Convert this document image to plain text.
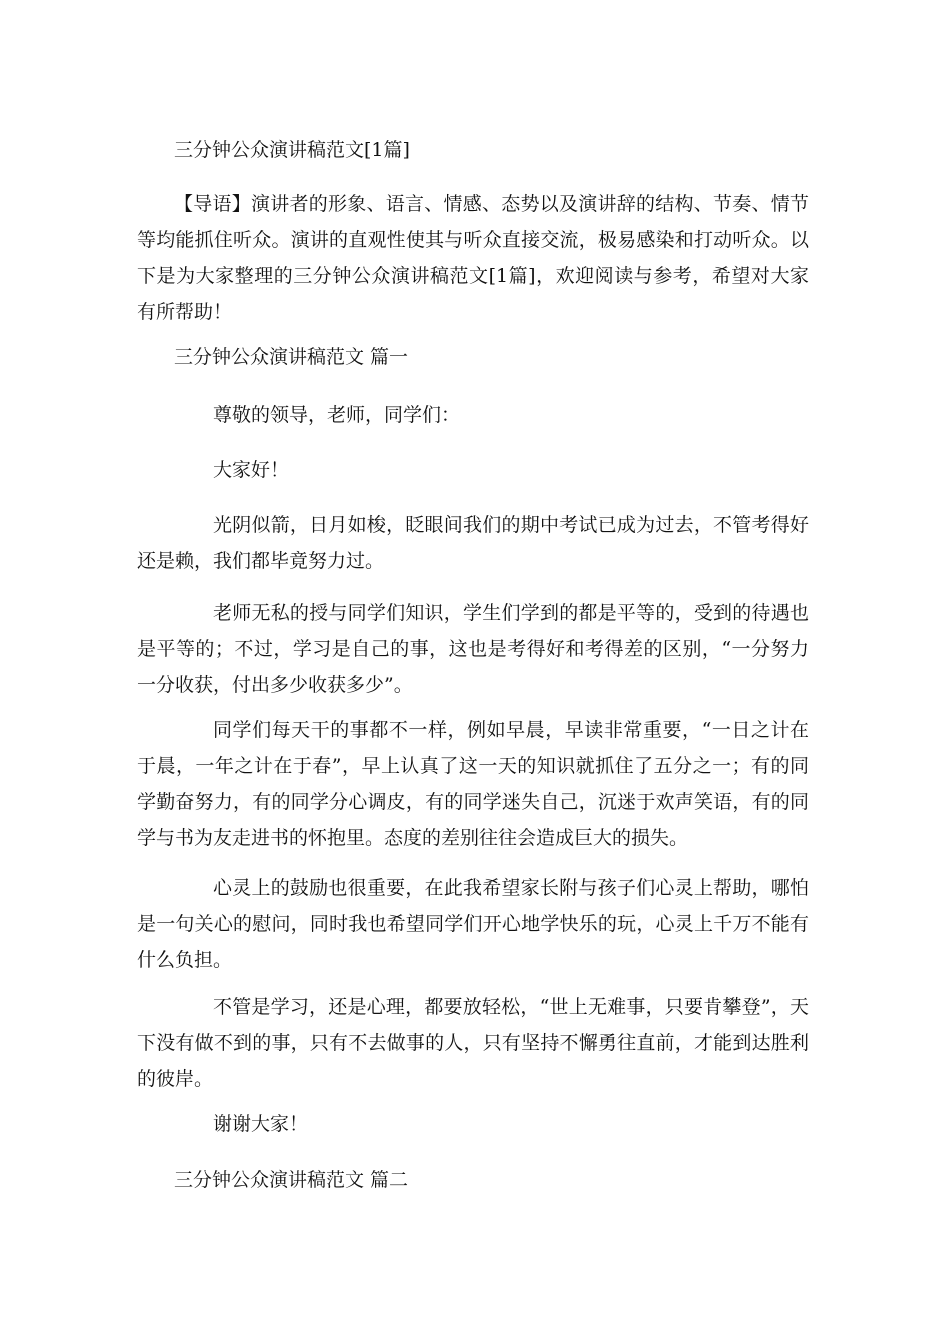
三分钟公众演讲稿范文[1篇]
【导语】演讲者的形象、语言、情感、态势以及演讲辞的结构、节奏、情节等均能抓住听众。演讲的直观性使其与听众直接交流，极易感染和打动听众。以下是为大家整理的三分钟公众演讲稿范文[1篇]，欢迎阅读与参考，希望对大家有所帮助！
三分钟公众演讲稿范文 篇一
尊敬的领导，老师，同学们：
大家好！
光阴似箭，日月如梭，眨眼间我们的期中考试已成为过去，不管考得好还是赖，我们都毕竟努力过。
老师无私的授与同学们知识，学生们学到的都是平等的，受到的待遇也是平等的；不过，学习是自己的事，这也是考得好和考得差的区别，“一分努力一分收获，付出多少收获多少”。
同学们每天干的事都不一样，例如早晨，早读非常重要，“一日之计在于晨，一年之计在于春”，早上认真了这一天的知识就抓住了五分之一；有的同学勤奋努力，有的同学分心调皮，有的同学迷失自己，沉迷于欢声笑语，有的同学与书为友走进书的怀抱里。态度的差别往往会造成巨大的损失。
心灵上的鼓励也很重要，在此我希望家长附与孩子们心灵上帮助，哪怕是一句关心的慰问，同时我也希望同学们开心地学快乐的玩，心灵上千万不能有什么负担。
不管是学习，还是心理，都要放轻松，“世上无难事，只要肯攀登”，天下没有做不到的事，只有不去做事的人，只有坚持不懈勇往直前，才能到达胜利的彼岸。
谢谢大家！
三分钟公众演讲稿范文 篇二
